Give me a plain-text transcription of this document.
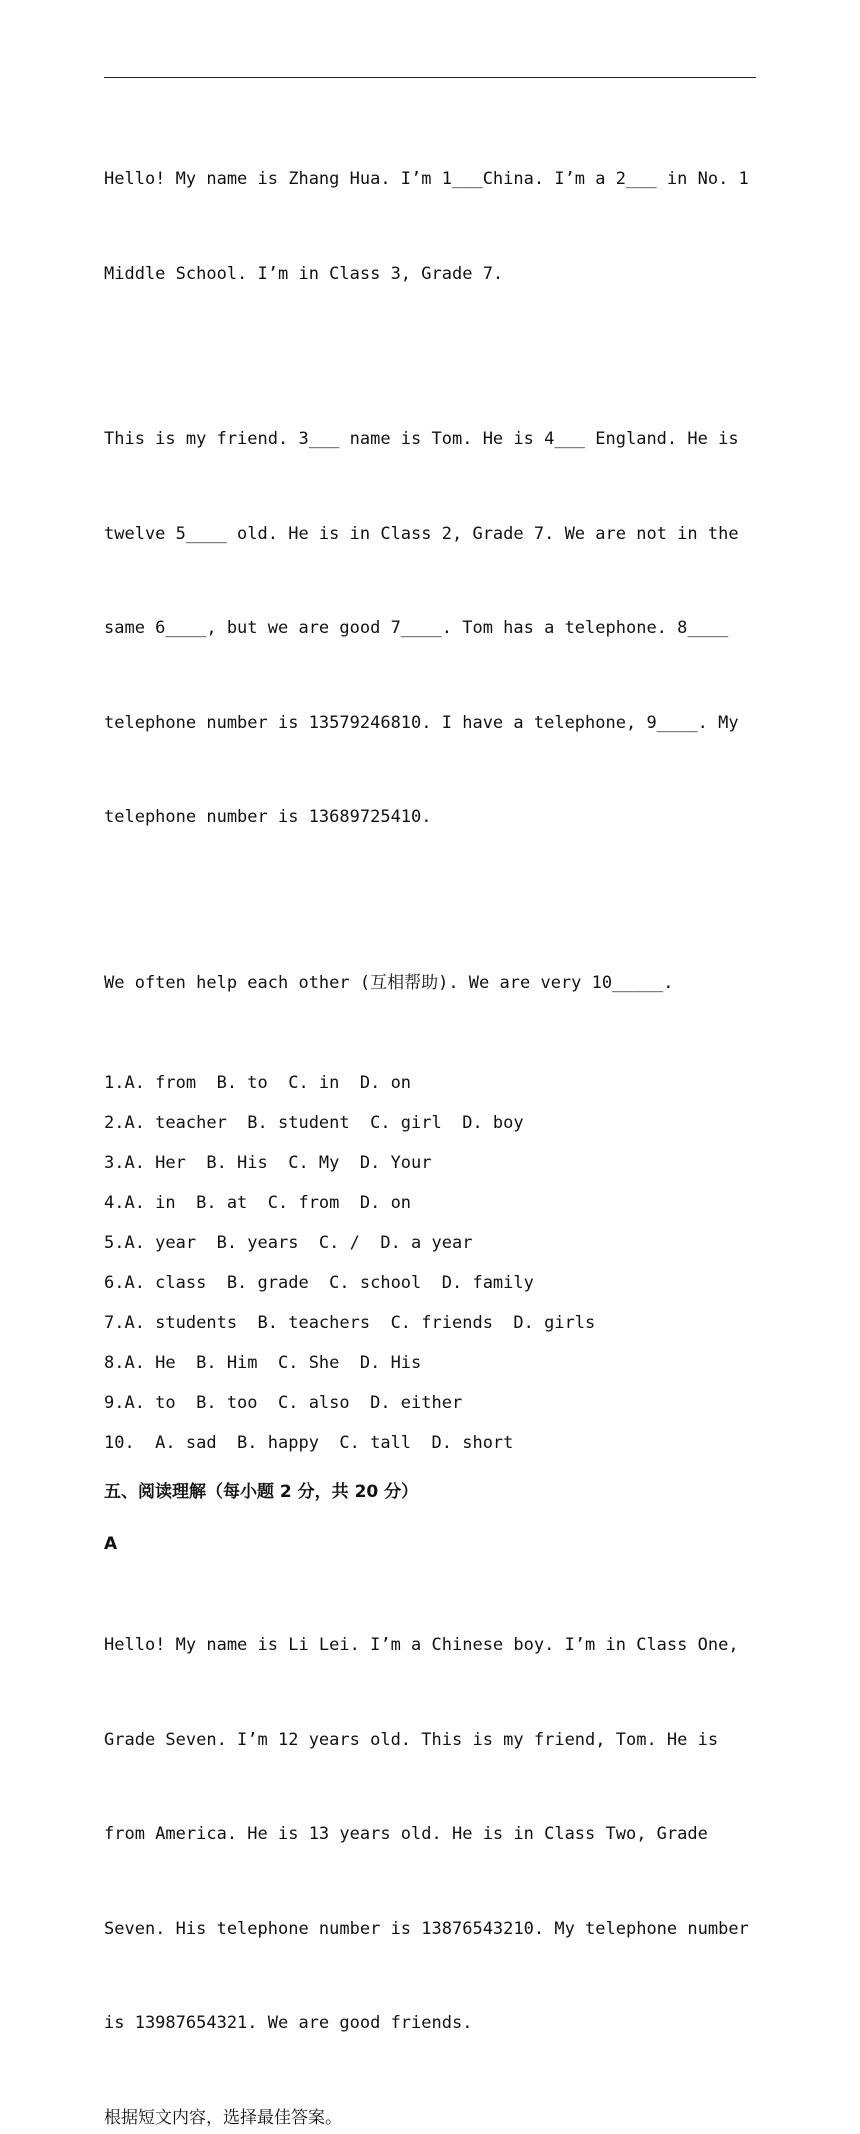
Hello! My name is Zhang Hua. I’m 1___China. I’m a 2___ in No. 1

Middle School. I’m in Class 3, Grade 7.

This is my friend. 3___ name is Tom. He is 4___ England. He is

twelve 5____ old. He is in Class 2, Grade 7. We are not in the

same 6____, but we are good 7____. Tom has a telephone. 8____

telephone number is 13579246810. I have a telephone, 9____. My

telephone number is 13689725410.

We often help each other (互相帮助). We are very 10_____.

1.A. from  B. to  C. in  D. on
2.A. teacher  B. student  C. girl  D. boy
3.A. Her  B. His  C. My  D. Your
4.A. in  B. at  C. from  D. on
5.A. year  B. years  C. /  D. a year
6.A. class  B. grade  C. school  D. family
7.A. students  B. teachers  C. friends  D. girls
8.A. He  B. Him  C. She  D. His
9.A. to  B. too  C. also  D. either
10.  A. sad  B. happy  C. tall  D. short
五、阅读理解（每小题 2 分，共 20 分）
A

Hello! My name is Li Lei. I’m a Chinese boy. I’m in Class One,

Grade Seven. I’m 12 years old. This is my friend, Tom. He is

from America. He is 13 years old. He is in Class Two, Grade

Seven. His telephone number is 13876543210. My telephone number

is 13987654321. We are good friends.

根据短文内容，选择最佳答案。
